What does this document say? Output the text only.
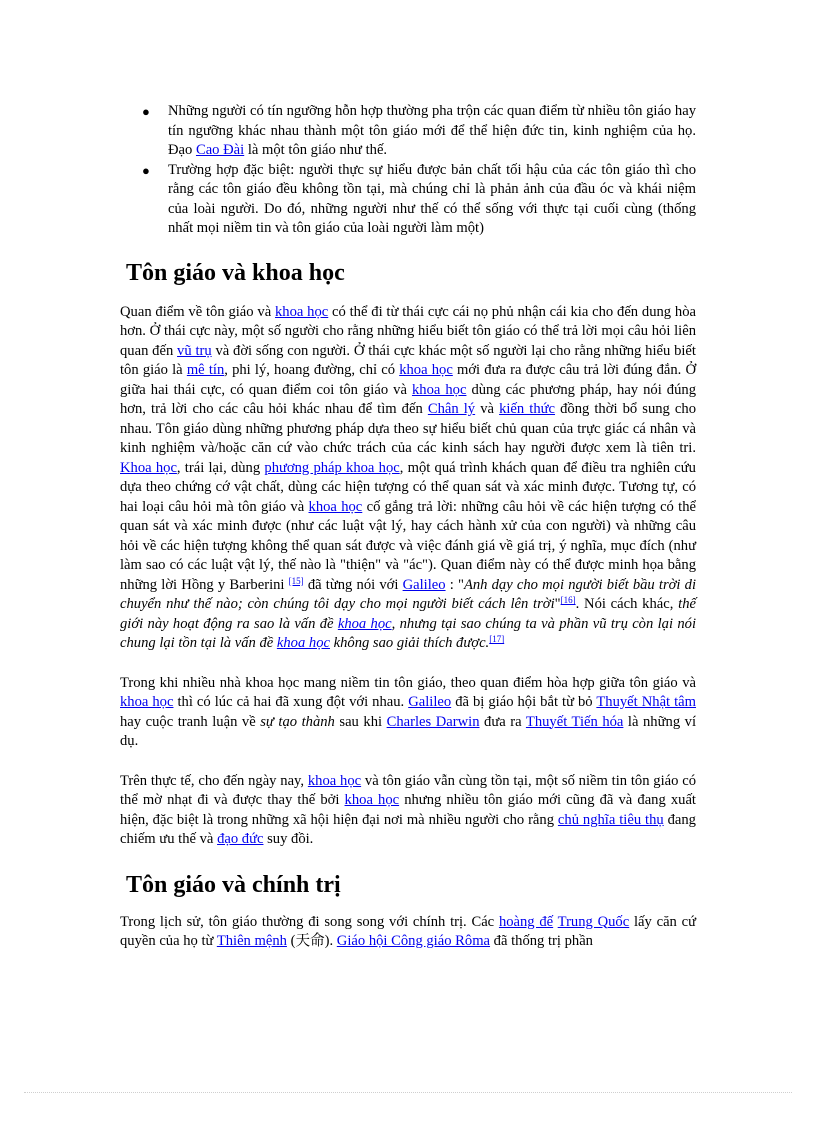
● Những người có tín ngưỡng hỗn hợp thường pha trộn các quan điểm từ nhiều tôn giáo hay tín ngưỡng khác nhau thành một tôn giáo mới để thể hiện đức tin, kinh nghiệm của họ. Đạo Cao Đài là một tôn giáo như thế.
● Trường hợp đặc biệt: người thực sự hiểu được bản chất tối hậu của các tôn giáo thì cho rằng các tôn giáo đều không tồn tại, mà chúng chỉ là phản ảnh của đầu óc và khái niệm của loài người. Do đó, những người như thế có thể sống với thực tại cuối cùng (thống nhất mọi niềm tin và tôn giáo của loài người làm một)
Tôn giáo và khoa học

Quan điểm về tôn giáo và khoa học có thể đi từ thái cực cái nọ phủ nhận cái kia cho đến dung hòa hơn. Ở thái cực này, một số người cho rằng những hiểu biết tôn giáo có thể trả lời mọi câu hỏi liên quan đến vũ trụ và đời sống con người. Ở thái cực khác một số người lại cho rằng những hiểu biết tôn giáo là mê tín, phi lý, hoang đường, chỉ có khoa học mới đưa ra được câu trả lời đúng đắn. Ở giữa hai thái cực, có quan điểm coi tôn giáo và khoa học dùng các phương pháp, hay nói đúng hơn, trả lời cho các câu hỏi khác nhau để tìm đến Chân lý và kiến thức đồng thời bổ sung cho nhau. Tôn giáo dùng những phương pháp dựa theo sự hiểu biết chủ quan của trực giác cá nhân và kinh nghiệm và/hoặc căn cứ vào chức trách của các kinh sách hay người được xem là tiên tri. Khoa học, trái lại, dùng phương pháp khoa học, một quá trình khách quan để điều tra nghiên cứu dựa theo chứng cớ vật chất, dùng các hiện tượng có thể quan sát và xác minh được. Tương tự, có hai loại câu hỏi mà tôn giáo và khoa học cố gắng trả lời: những câu hỏi về các hiện tượng có thể quan sát và xác minh được (như các luật vật lý, hay cách hành xử của con người) và những câu hỏi về các hiện tượng không thể quan sát được và việc đánh giá về giá trị, ý nghĩa, mục đích (như làm sao có các luật vật lý, thế nào là "thiện" và "ác"). Quan điểm này có thể được minh họa bằng những lời Hồng y Barberini [15] đã từng nói với Galileo : "Anh dạy cho mọi người biết bầu trời di chuyển như thế nào; còn chúng tôi dạy cho mọi người biết cách lên trời"[16]. Nói cách khác, thế giới này hoạt động ra sao là vấn đề khoa học, nhưng tại sao chúng ta và phần vũ trụ còn lại nói chung lại tồn tại là vấn đề khoa học không sao giải thích được.[17]

Trong khi nhiều nhà khoa học mang niềm tin tôn giáo, theo quan điểm hòa hợp giữa tôn giáo và khoa học thì có lúc cả hai đã xung đột với nhau. Galileo đã bị giáo hội bắt từ bỏ Thuyết Nhật tâm hay cuộc tranh luận về sự tạo thành sau khi Charles Darwin đưa ra Thuyết Tiến hóa là những ví dụ.

Trên thực tế, cho đến ngày nay, khoa học và tôn giáo vẫn cùng tồn tại, một số niềm tin tôn giáo có thể mờ nhạt đi và được thay thế bởi khoa học nhưng nhiều tôn giáo mới cũng đã và đang xuất hiện, đặc biệt là trong những xã hội hiện đại nơi mà nhiều người cho rằng chủ nghĩa tiêu thụ đang chiếm ưu thế và đạo đức suy đồi.

Tôn giáo và chính trị

Trong lịch sử, tôn giáo thường đi song song với chính trị. Các hoàng đế Trung Quốc lấy căn cứ quyền của họ từ Thiên mệnh (天命). Giáo hội Công giáo Rôma đã thống trị phần
